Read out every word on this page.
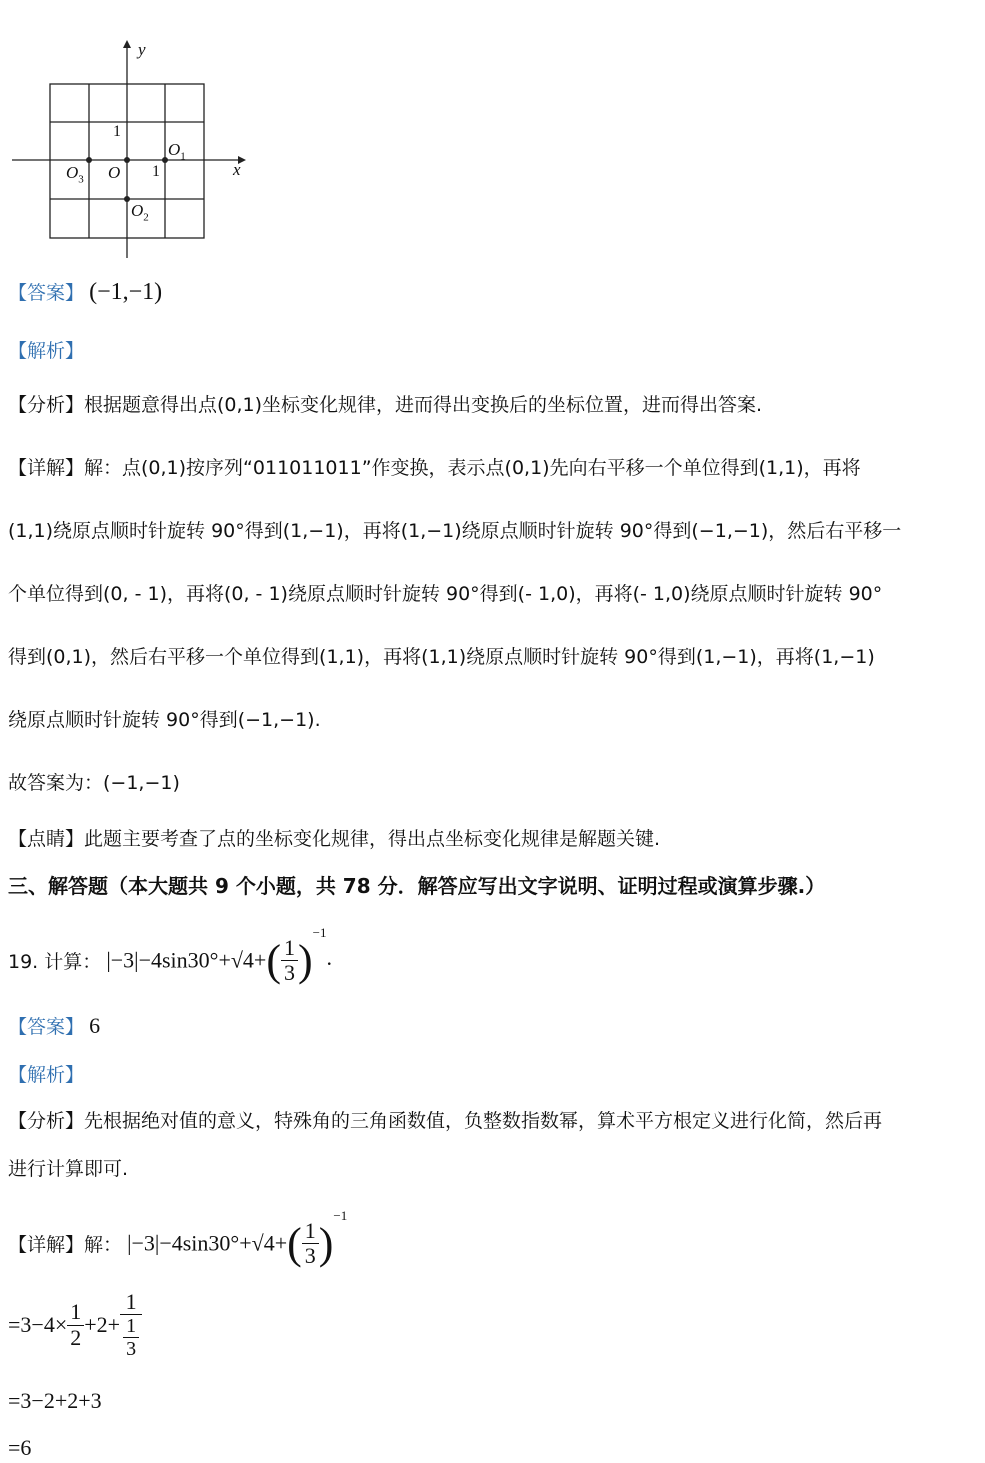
y
x
1
1
O
$O_1$
$O_2$
$O_3$
【答案】 (−1,−1)
【解析】
【分析】根据题意得出点(0,1)坐标变化规律，进而得出变换后的坐标位置，进而得出答案.
【详解】解：点(0,1)按序列“011011011”作变换，表示点(0,1)先向右平移一个单位得到(1,1)，再将
(1,1)绕原点顺时针旋转 90°得到(1,−1)，再将(1,−1)绕原点顺时针旋转 90°得到(−1,−1)，然后右平移一
个单位得到(0, - 1)，再将(0, - 1)绕原点顺时针旋转 90°得到(- 1,0)，再将(- 1,0)绕原点顺时针旋转 90°
得到(0,1)，然后右平移一个单位得到(1,1)，再将(1,1)绕原点顺时针旋转 90°得到(1,−1)，再将(1,−1)
绕原点顺时针旋转 90°得到(−1,−1).
故答案为：(−1,−1)
【点睛】此题主要考查了点的坐标变化规律，得出点坐标变化规律是解题关键.
三、解答题（本大题共 9 个小题，共 78 分．解答应写出文字说明、证明过程或演算步骤.）
19. 计算： $|-3|-4\sin 30^\circ+√4+( \frac{1}{3} )^{-1}$.
【答案】 6
【解析】
【分析】先根据绝对值的意义，特殊角的三角函数值，负整数指数幂，算术平方根定义进行化简，然后再
进行计算即可.
【详解】解： $|-3|-4\sin 30^\circ+√4+( \frac{1}{3} )^{-1}$
$=3-4\times \frac{1}{2} +2+ \frac{1}{\frac{1}{3}}$
=3−2+2+3
=6
